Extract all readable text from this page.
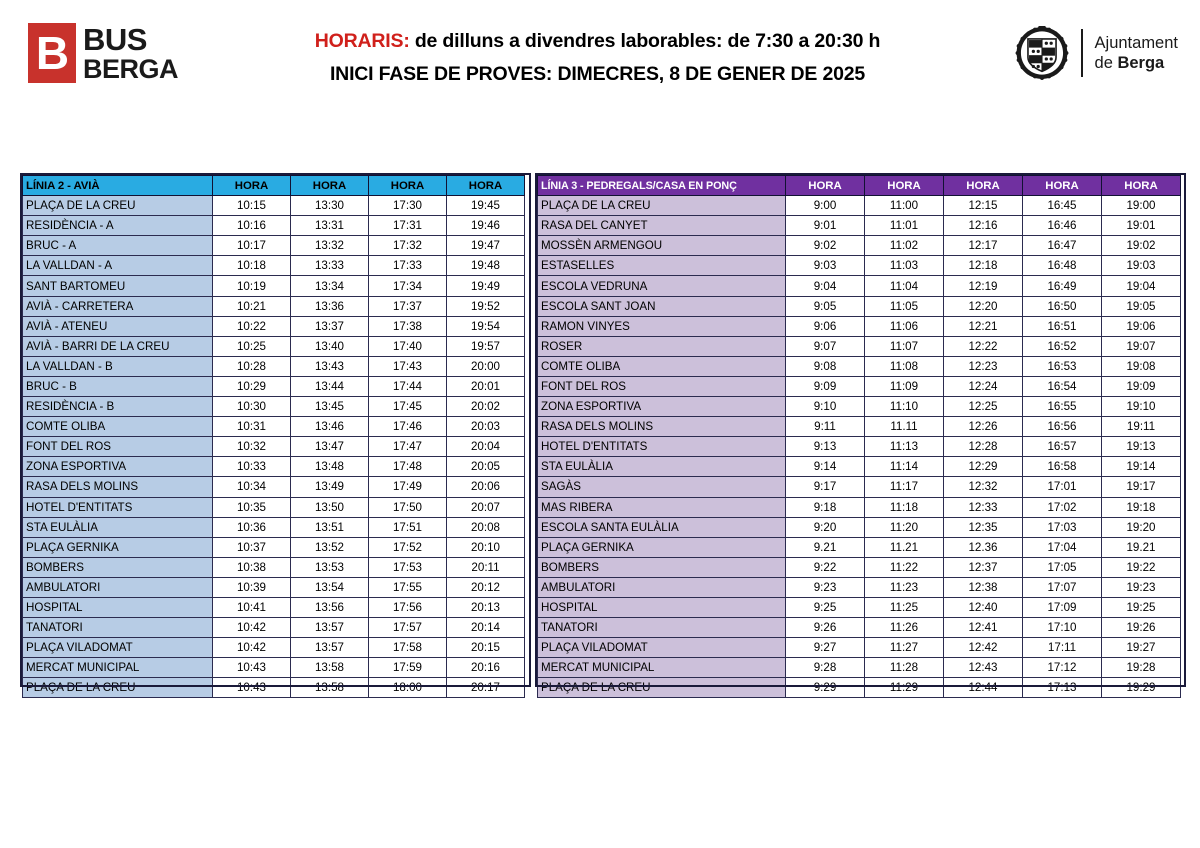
B BUS
BERGA
HORARIS: de dilluns a divendres laborables: de 7:30 a 20:30 h
INICI FASE DE PROVES: DIMECRES, 8 DE GENER DE 2025
Ajuntament
de Berga
LÍNIA 2 - AVIÀ	HORA	HORA	HORA	HORA
PLAÇA DE LA CREU	10:15	13:30	17:30	19:45
RESIDÈNCIA - A	10:16	13:31	17:31	19:46
BRUC - A	10:17	13:32	17:32	19:47
LA VALLDAN - A	10:18	13:33	17:33	19:48
SANT BARTOMEU	10:19	13:34	17:34	19:49
AVIÀ - CARRETERA	10:21	13:36	17:37	19:52
AVIÀ - ATENEU	10:22	13:37	17:38	19:54
AVIÀ - BARRI DE LA CREU	10:25	13:40	17:40	19:57
LA VALLDAN - B	10:28	13:43	17:43	20:00
BRUC - B	10:29	13:44	17:44	20:01
RESIDÈNCIA - B	10:30	13:45	17:45	20:02
COMTE OLIBA	10:31	13:46	17:46	20:03
FONT DEL ROS	10:32	13:47	17:47	20:04
ZONA ESPORTIVA	10:33	13:48	17:48	20:05
RASA DELS MOLINS	10:34	13:49	17:49	20:06
HOTEL D'ENTITATS	10:35	13:50	17:50	20:07
STA EULÀLIA	10:36	13:51	17:51	20:08
PLAÇA GERNIKA	10:37	13:52	17:52	20:10
BOMBERS	10:38	13:53	17:53	20:11
AMBULATORI	10:39	13:54	17:55	20:12
HOSPITAL	10:41	13:56	17:56	20:13
TANATORI	10:42	13:57	17:57	20:14
PLAÇA VILADOMAT	10:42	13:57	17:58	20:15
MERCAT MUNICIPAL	10:43	13:58	17:59	20:16
PLAÇA DE LA CREU	10:43	13:58	18:00	20:17
LÍNIA 3 - PEDREGALS/CASA EN PONÇ	HORA	HORA	HORA	HORA	HORA
PLAÇA DE LA CREU	9:00	11:00	12:15	16:45	19:00
RASA DEL CANYET	9:01	11:01	12:16	16:46	19:01
MOSSÈN ARMENGOU	9:02	11:02	12:17	16:47	19:02
ESTASELLES	9:03	11:03	12:18	16:48	19:03
ESCOLA VEDRUNA	9:04	11:04	12:19	16:49	19:04
ESCOLA SANT JOAN	9:05	11:05	12:20	16:50	19:05
RAMON VINYES	9:06	11:06	12:21	16:51	19:06
ROSER	9:07	11:07	12:22	16:52	19:07
COMTE OLIBA	9:08	11:08	12:23	16:53	19:08
FONT DEL ROS	9:09	11:09	12:24	16:54	19:09
ZONA ESPORTIVA	9:10	11:10	12:25	16:55	19:10
RASA DELS MOLINS	9:11	11.11	12:26	16:56	19:11
HOTEL D'ENTITATS	9:13	11:13	12:28	16:57	19:13
STA EULÀLIA	9:14	11:14	12:29	16:58	19:14
SAGÀS	9:17	11:17	12:32	17:01	19:17
MAS RIBERA	9:18	11:18	12:33	17:02	19:18
ESCOLA SANTA EULÀLIA	9:20	11:20	12:35	17:03	19:20
PLAÇA GERNIKA	9.21	11.21	12.36	17:04	19.21
BOMBERS	9:22	11:22	12:37	17:05	19:22
AMBULATORI	9:23	11:23	12:38	17:07	19:23
HOSPITAL	9:25	11:25	12:40	17:09	19:25
TANATORI	9:26	11:26	12:41	17:10	19:26
PLAÇA VILADOMAT	9:27	11:27	12:42	17:11	19:27
MERCAT MUNICIPAL	9:28	11:28	12:43	17:12	19:28
PLAÇA DE LA CREU	9:29	11:29	12:44	17:13	19:29
